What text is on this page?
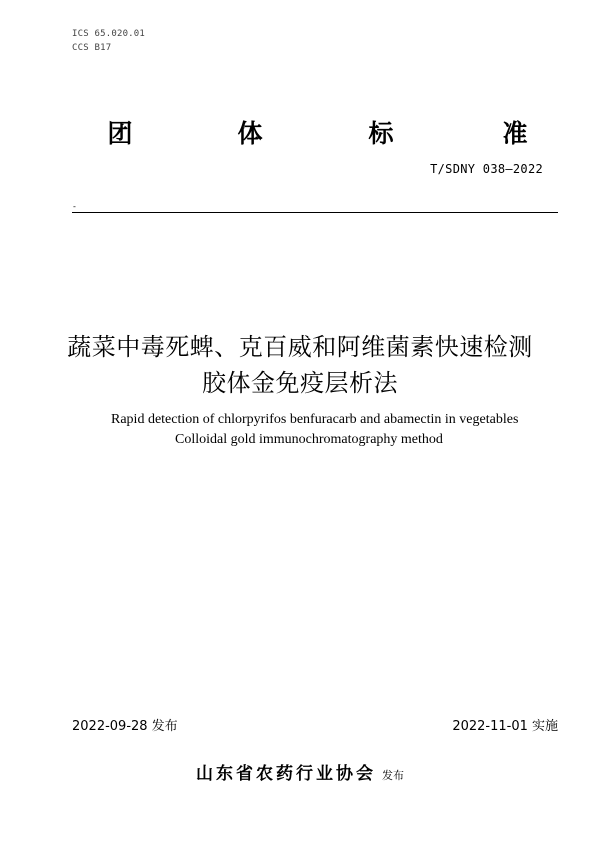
ICS 65.020.01
CCS B17
团	体	标	准
T/SDNY 038—2022
-
蔬菜中毒死蜱、克百威和阿维菌素快速检测
胶体金免疫层析法
Rapid detection of chlorpyrifos benfuracarb and abamectin in vegetables
Colloidal gold immunochromatography method
2022-09-28 发布	2022-11-01 实施
山东省农药行业协会 发布
